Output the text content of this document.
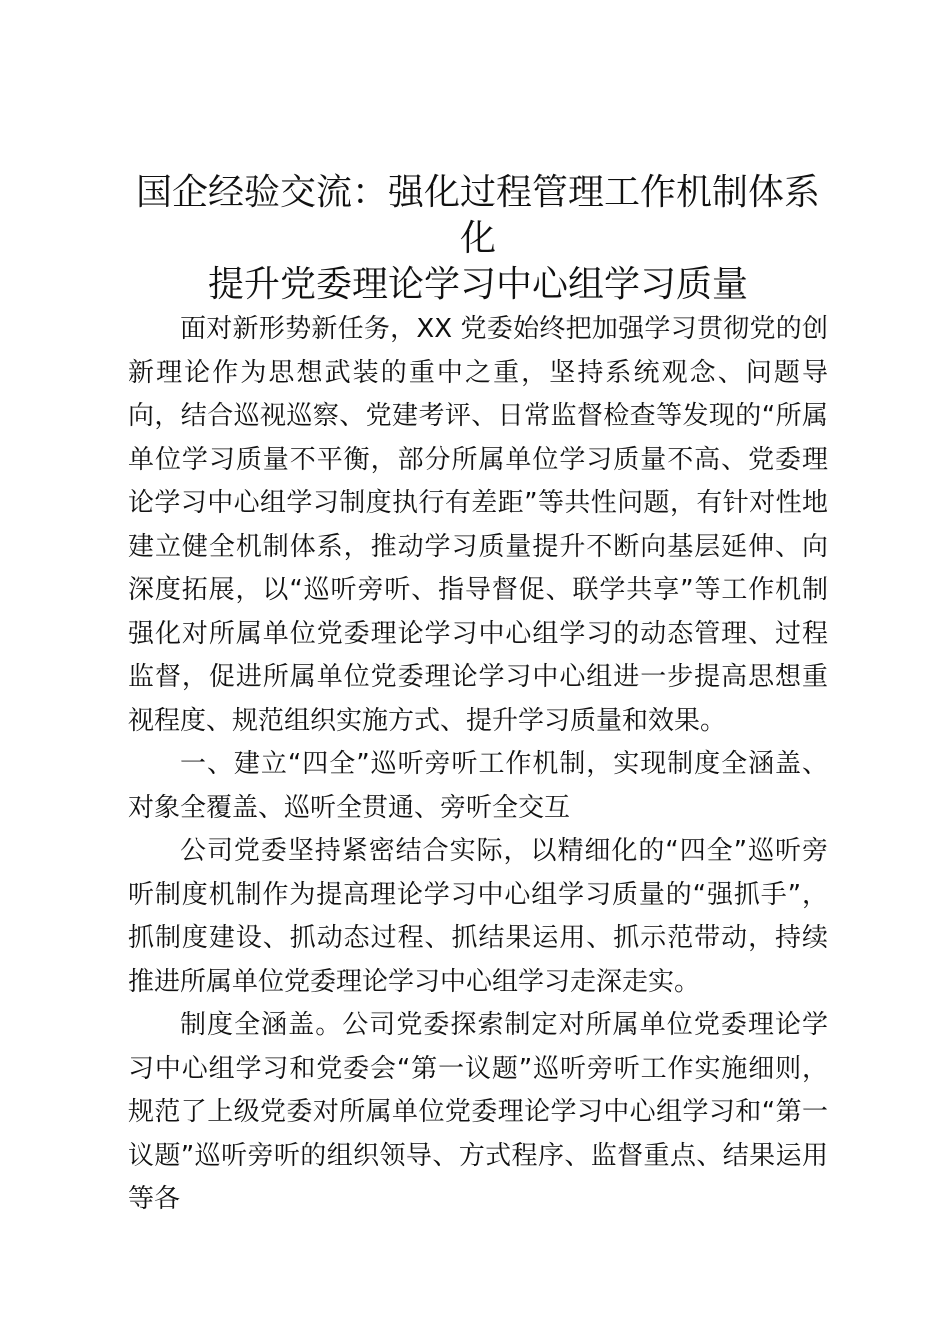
国企经验交流：强化过程管理工作机制体系化
提升党委理论学习中心组学习质量

面对新形势新任务，XX 党委始终把加强学习贯彻党的创新理论作为思想武装的重中之重，坚持系统观念、问题导向，结合巡视巡察、党建考评、日常监督检查等发现的“所属单位学习质量不平衡，部分所属单位学习质量不高、党委理论学习中心组学习制度执行有差距”等共性问题，有针对性地建立健全机制体系，推动学习质量提升不断向基层延伸、向深度拓展，以“巡听旁听、指导督促、联学共享”等工作机制强化对所属单位党委理论学习中心组学习的动态管理、过程监督，促进所属单位党委理论学习中心组进一步提高思想重视程度、规范组织实施方式、提升学习质量和效果。

一、建立“四全”巡听旁听工作机制，实现制度全涵盖、对象全覆盖、巡听全贯通、旁听全交互

公司党委坚持紧密结合实际，以精细化的“四全”巡听旁听制度机制作为提高理论学习中心组学习质量的“强抓手”，抓制度建设、抓动态过程、抓结果运用、抓示范带动，持续推进所属单位党委理论学习中心组学习走深走实。

制度全涵盖。公司党委探索制定对所属单位党委理论学习中心组学习和党委会“第一议题”巡听旁听工作实施细则，规范了上级党委对所属单位党委理论学习中心组学习和“第一议题”巡听旁听的组织领导、方式程序、监督重点、结果运用等各
